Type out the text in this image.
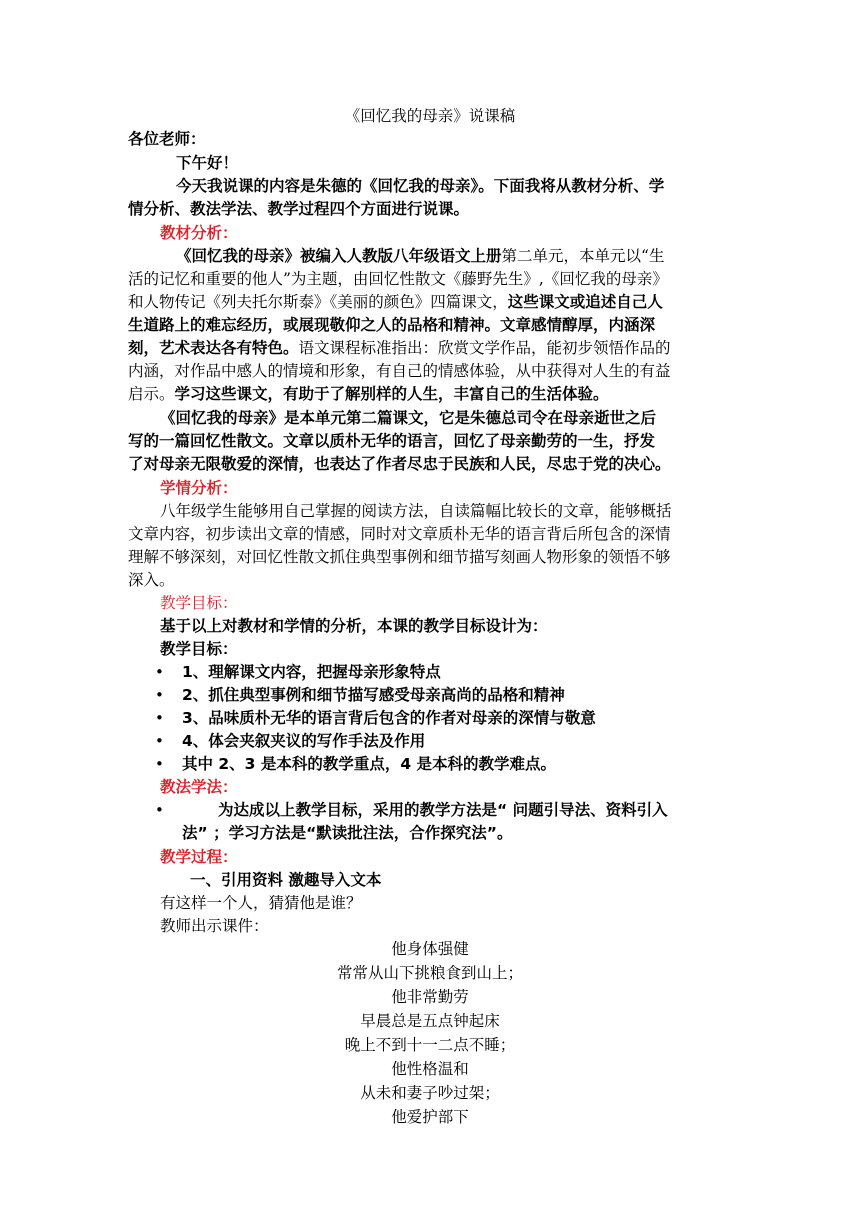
《回忆我的母亲》说课稿
各位老师：
下午好！
今天我说课的内容是朱德的《回忆我的母亲》。下面我将从教材分析、学
情分析、教法学法、教学过程四个方面进行说课。
教材分析：
《回忆我的母亲》被编入人教版八年级语文上册第二单元，本单元以“生
活的记忆和重要的他人”为主题，由回忆性散文《藤野先生》,《回忆我的母亲》
和人物传记《列夫托尔斯泰》《美丽的颜色》四篇课文，这些课文或追述自己人
生道路上的难忘经历，或展现敬仰之人的品格和精神。文章感情醇厚，内涵深
刻，艺术表达各有特色。语文课程标准指出：欣赏文学作品，能初步领悟作品的
内涵，对作品中感人的情境和形象，有自己的情感体验，从中获得对人生的有益
启示。学习这些课文，有助于了解别样的人生，丰富自己的生活体验。
《回忆我的母亲》是本单元第二篇课文，它是朱德总司令在母亲逝世之后
写的一篇回忆性散文。文章以质朴无华的语言，回忆了母亲勤劳的一生，抒发
了对母亲无限敬爱的深情，也表达了作者尽忠于民族和人民，尽忠于党的决心。
学情分析：
八年级学生能够用自己掌握的阅读方法，自读篇幅比较长的文章，能够概括
文章内容，初步读出文章的情感，同时对文章质朴无华的语言背后所包含的深情
理解不够深刻，对回忆性散文抓住典型事例和细节描写刻画人物形象的领悟不够
深入。
教学目标：
基于以上对教材和学情的分析，本课的教学目标设计为：
教学目标：
• 1、理解课文内容，把握母亲形象特点
• 2、抓住典型事例和细节描写感受母亲高尚的品格和精神
• 3、品味质朴无华的语言背后包含的作者对母亲的深情与敬意
• 4、体会夹叙夹议的写作手法及作用
• 其中 2、3 是本科的教学重点，4 是本科的教学难点。
教法学法：
•	为达成以上教学目标，采用的教学方法是“ 问题引导法、资料引入
法” ；学习方法是“默读批注法，合作探究法”。
教学过程：
一、引用资料 激趣导入文本
有这样一个人，猜猜他是谁？
教师出示课件：
他身体强健
常常从山下挑粮食到山上；
他非常勤劳
早晨总是五点钟起床
晚上不到十一二点不睡；
他性格温和
从未和妻子吵过架；
他爱护部下
